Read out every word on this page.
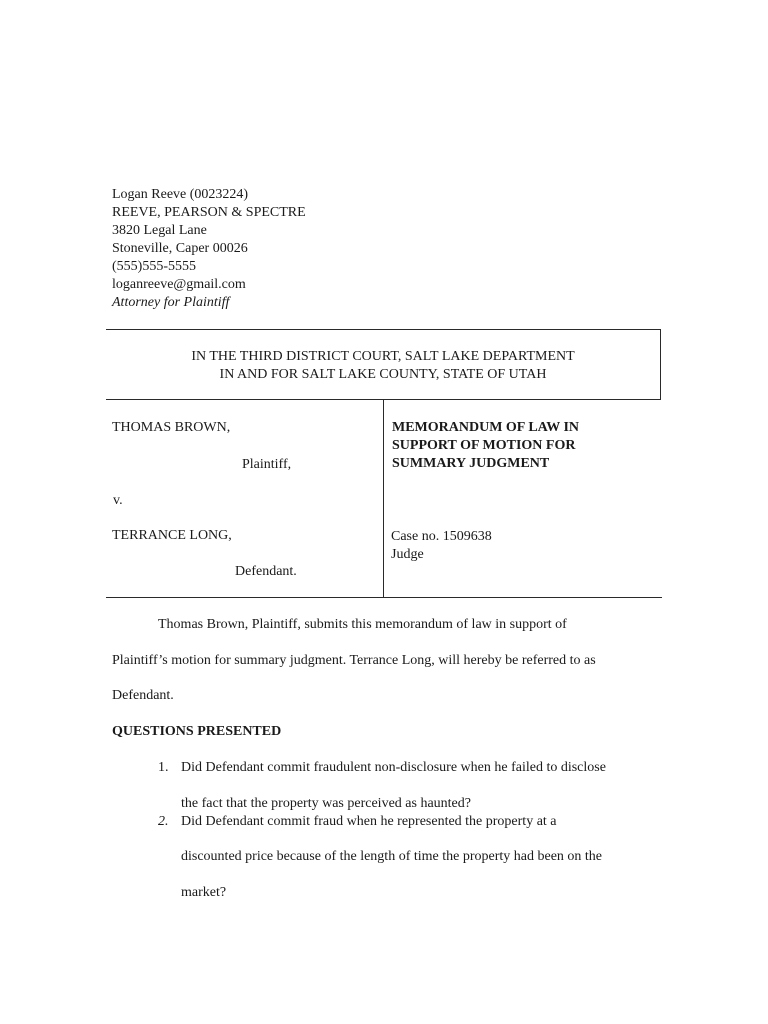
Logan Reeve (0023224)
REEVE, PEARSON & SPECTRE
3820 Legal Lane
Stoneville, Caper 00026
(555)555-5555
loganreeve@gmail.com
Attorney for Plaintiff
IN THE THIRD DISTRICT COURT, SALT LAKE DEPARTMENT
IN AND FOR SALT LAKE COUNTY, STATE OF UTAH
THOMAS BROWN,
Plaintiff,
v.
TERRANCE LONG,
Defendant.
MEMORANDUM OF LAW IN
SUPPORT OF MOTION FOR
SUMMARY JUDGMENT
Case no. 1509638
Judge
Thomas Brown, Plaintiff, submits this memorandum of law in support of
Plaintiff’s motion for summary judgment. Terrance Long, will hereby be referred to as
Defendant.
QUESTIONS PRESENTED
1. Did Defendant commit fraudulent non-disclosure when he failed to disclose
the fact that the property was perceived as haunted?
2. Did Defendant commit fraud when he represented the property at a
discounted price because of the length of time the property had been on the
market?
